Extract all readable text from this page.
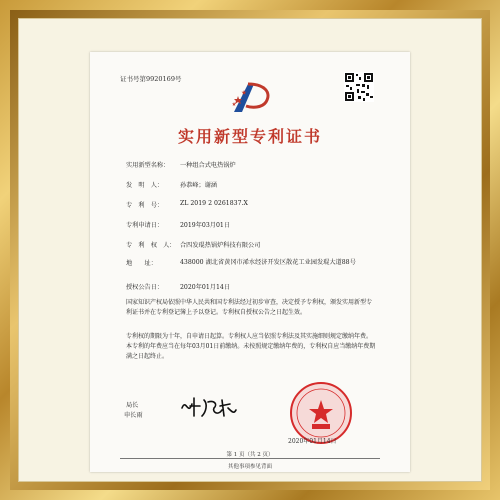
证书号第9920169号
实用新型专利证书
实用新型名称： 一种组合式电热锅炉
发　明　人：	孙恭峰；谢涵
专　利　号：	ZL 2019 2 0261837.X
专利申请日：	2019年03月01日
专　利　权　人： 合四发琨热锅炉科技有限公司
地　　址：	438000 湖北省黄冈市浠水经济开发区散花工业园发琨大道88号
授权公告日：	2020年01月14日
国家知识产权局依照中华人民共和国专利法经过初步审查，决定授予专利权，颁发实用新型专利证书并在专利登记簿上予以登记。专利权自授权公告之日起生效。
专利权的期限为十年，自申请日起算。专利权人应当依照专利法及其实施细则规定缴纳年费。本专利的年费应当在每年03月01日前缴纳。未按照规定缴纳年费的，专利权自应当缴纳年费期满之日起终止。
局长
申长雨
2020年01月14日
第 1 页（共 2 页）
其他事项参见背面
